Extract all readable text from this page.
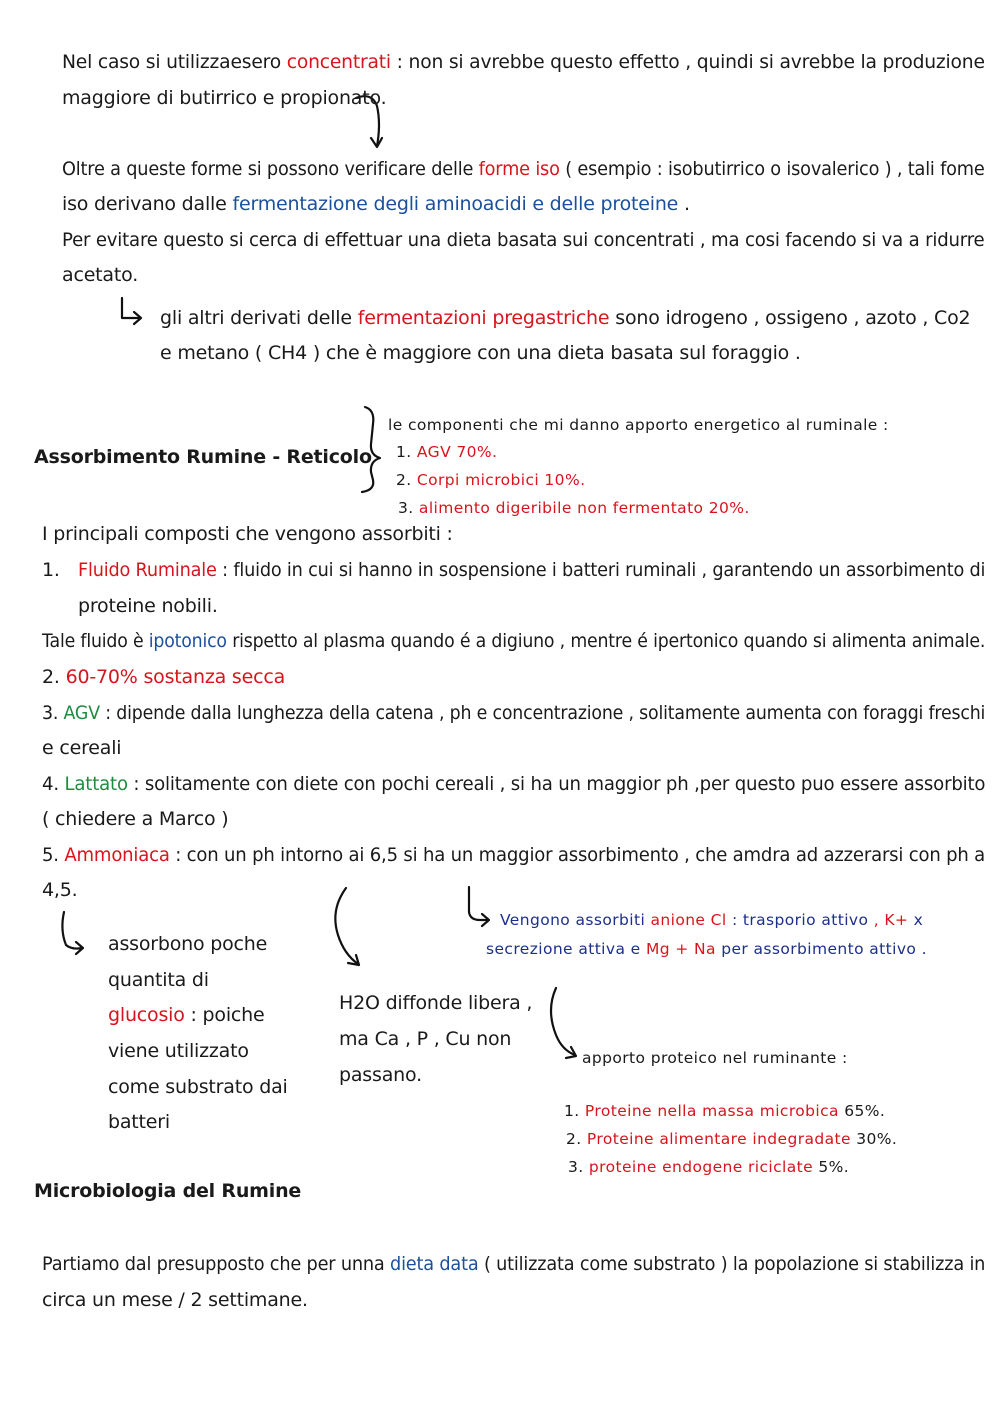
Nel caso si utilizzaesero concentrati : non si avrebbe questo effetto , quindi si avrebbe la produzione
maggiore di butirrico e propionato.
Oltre a queste forme si possono verificare delle forme iso ( esempio : isobutirrico o isovalerico ) , tali fome
iso derivano dalle fermentazione degli aminoacidi e delle proteine .
Per evitare questo si cerca di effettuar una dieta basata sui concentrati , ma cosi facendo si va a ridurre
acetato.
gli altri derivati delle fermentazioni pregastriche sono idrogeno , ossigeno , azoto , Co2
e metano ( CH4 ) che è maggiore con una dieta basata sul foraggio .
Assorbimento Rumine - Reticolo
le componenti che mi danno apporto energetico al ruminale :
1. AGV 70%.
2. Corpi microbici 10%.
3. alimento digeribile non fermentato 20%.
I principali composti che vengono assorbiti :
1. Fluido Ruminale : fluido in cui si hanno in sospensione i batteri ruminali , garantendo un assorbimento di
proteine nobili.
Tale fluido è ipotonico rispetto al plasma quando é a digiuno , mentre é ipertonico quando si alimenta animale.
2. 60-70% sostanza secca
3. AGV : dipende dalla lunghezza della catena , ph e concentrazione , solitamente aumenta con foraggi freschi
e cereali
4. Lattato : solitamente con diete con pochi cereali , si ha un maggior ph ,per questo puo essere assorbito
( chiedere a Marco )
5. Ammoniaca : con un ph intorno ai 6,5 si ha un maggior assorbimento , che amdra ad azzerarsi con ph a
4,5.
assorbono poche
quantita di
glucosio : poiche
viene utilizzato
come substrato dai
batteri
H2O diffonde libera ,
ma Ca , P , Cu non
passano.
Vengono assorbiti anione Cl : trasporio attivo , K+ x
secrezione attiva e Mg + Na per assorbimento attivo .
apporto proteico nel ruminante :
1. Proteine nella massa microbica 65%.
2. Proteine alimentare indegradate 30%.
3. proteine endogene riciclate 5%.
Microbiologia del Rumine
Partiamo dal presupposto che per unna dieta data ( utilizzata come substrato ) la popolazione si stabilizza in
circa un mese / 2 settimane.
